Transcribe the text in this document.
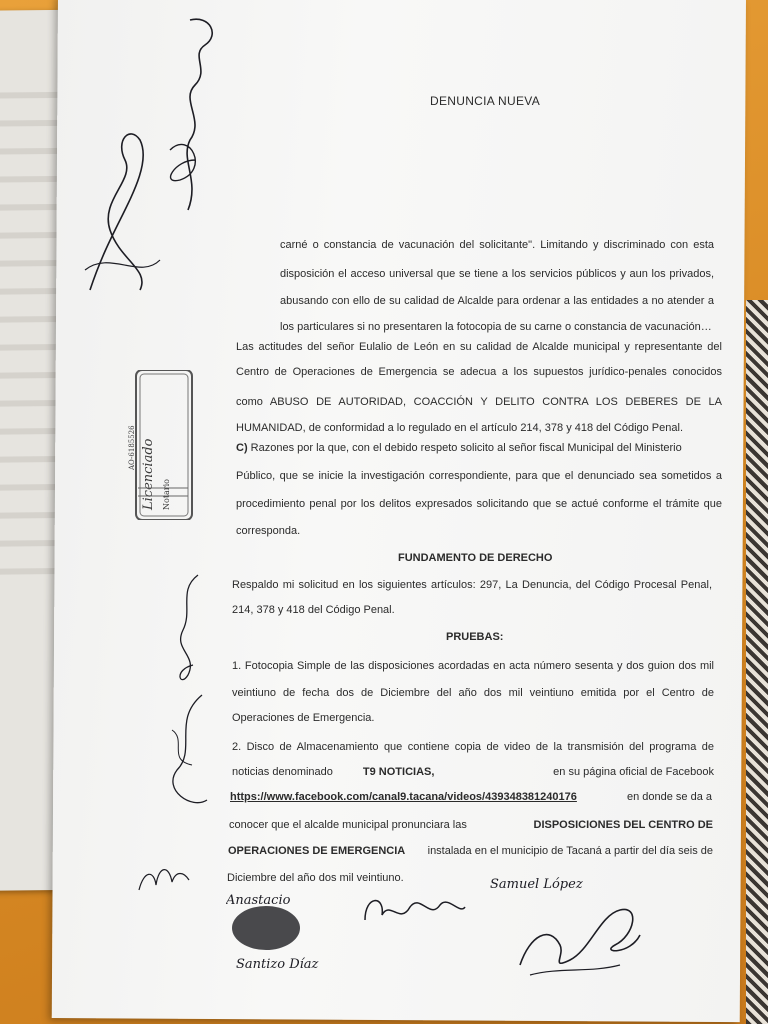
DENUNCIA NUEVA
carné o constancia de vacunación del solicitante". Limitando y discriminado con esta
disposición el acceso universal que se tiene a los servicios públicos y aun los privados,
abusando con ello de su calidad de Alcalde para ordenar a las entidades a no atender a
los particulares si no presentaren la fotocopia de su carne o constancia de vacunación…
Las actitudes del señor Eulalio de León en su calidad de Alcalde municipal y representante del
Centro de Operaciones de Emergencia se adecua a los supuestos jurídico-penales conocidos
como ABUSO DE AUTORIDAD, COACCIÓN Y DELITO CONTRA LOS DEBERES DE LA
HUMANIDAD, de conformidad a lo regulado en el artículo 214, 378 y 418 del Código Penal.
C) Razones por la que, con el debido respeto solicito al señor fiscal Municipal del Ministerio
Público, que se inicie la investigación correspondiente, para que el denunciado sea sometidos a
procedimiento penal por los delitos expresados solicitando que se actué conforme el trámite que
corresponda.
FUNDAMENTO DE DERECHO
Respaldo mi solicitud en los siguientes artículos: 297, La Denuncia, del Código Procesal Penal,
214, 378 y 418 del Código Penal.
PRUEBAS:
1. Fotocopia Simple de las disposiciones acordadas en acta número sesenta y dos guion dos mil
veintiuno de fecha dos de Diciembre del año dos mil veintiuno emitida por el Centro de
Operaciones de Emergencia.
2. Disco de Almacenamiento que contiene copia de video de la transmisión del programa de
noticias denominado	T9 NOTICIAS,	en su página oficial de Facebook
https://www.facebook.com/canal9.tacana/videos/439348381240176	en donde se da a
conocer que el alcalde municipal pronunciara las	DISPOSICIONES DEL CENTRO DE
OPERACIONES DE EMERGENCIA instalada en el municipio de Tacaná a partir del día seis de
Diciembre del año dos mil veintiuno.
Licenciado Notario
AO-6185526
Anastacio
Santizo Díaz
Samuel López
